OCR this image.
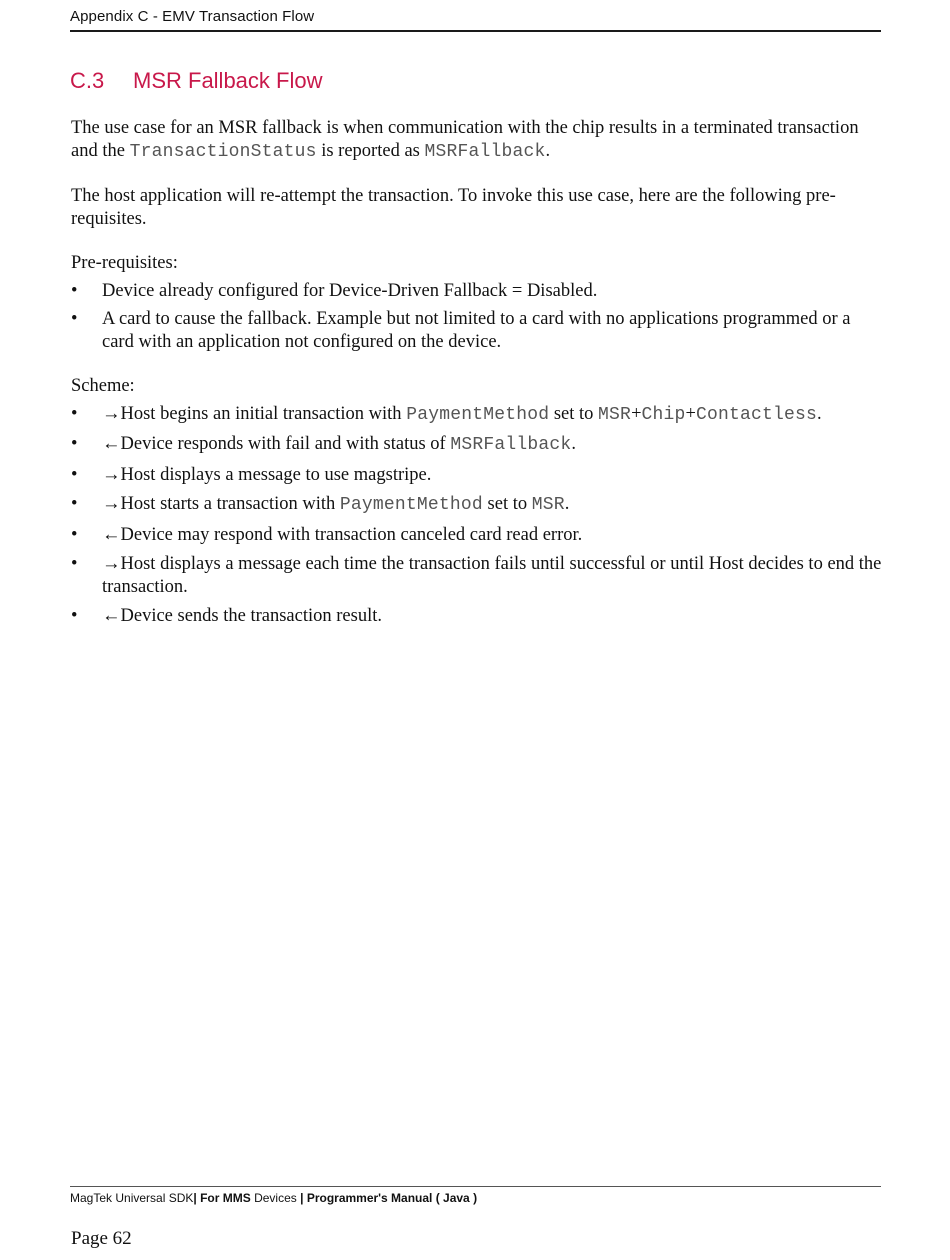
Appendix C - EMV Transaction Flow
C.3 MSR Fallback Flow

The use case for an MSR fallback is when communication with the chip results in a terminated transaction and the TransactionStatus is reported as MSRFallback.

The host application will re-attempt the transaction. To invoke this use case, here are the following pre-requisites.

Pre-requisites:

• Device already configured for Device-Driven Fallback = Disabled.
• A card to cause the fallback. Example but not limited to a card with no applications programmed or a card with an application not configured on the device.

Scheme:

• →Host begins an initial transaction with PaymentMethod set to MSR+Chip+Contactless.
• ←Device responds with fail and with status of MSRFallback.
• →Host displays a message to use magstripe.
• →Host starts a transaction with PaymentMethod set to MSR.
• ←Device may respond with transaction canceled card read error.
• →Host displays a message each time the transaction fails until successful or until Host decides to end the transaction.
• ←Device sends the transaction result.
MagTek Universal SDK| For MMS Devices | Programmer's Manual ( Java )
Page 62
